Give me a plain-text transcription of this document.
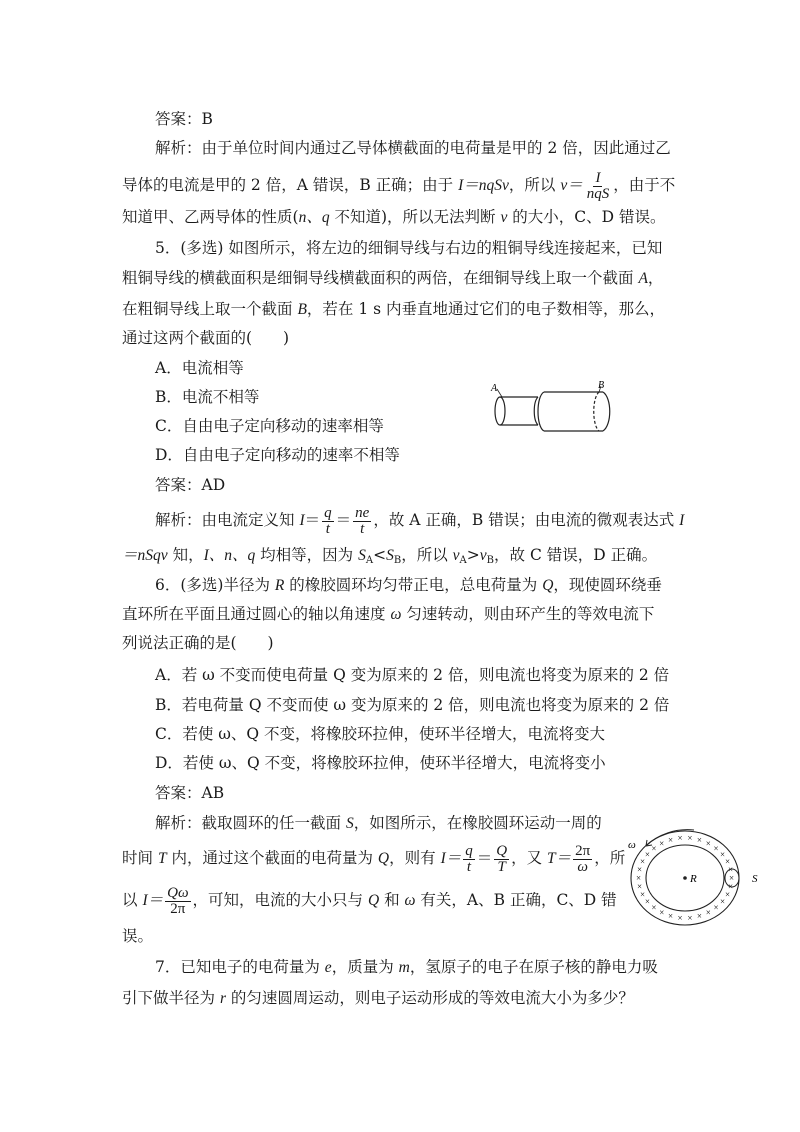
答案：B
解析：由于单位时间内通过乙导体横截面的电荷量是甲的 2 倍，因此通过乙
导体的电流是甲的 2 倍，A 错误，B 正确；由于 I＝nqSv，所以 $v= \frac{I}{\text{nqS}}$ ，由于不
知道甲、乙两导体的性质(n、q 不知道)，所以无法判断 v 的大小，C、D 错误。
5．(多选) 如图所示，将左边的细铜导线与右边的粗铜导线连接起来，已知
粗铜导线的横截面积是细铜导线横截面积的两倍，在细铜导线上取一个截面 A，
在粗铜导线上取一个截面 B，若在 1 s 内垂直地通过它们的电子数相等，那么，
通过这两个截面的(　　)
A．电流相等
B．电流不相等
C．自由电子定向移动的速率相等
D．自由电子定向移动的速率不相等
A	B
答案：AD
解析：由电流定义知 $I= \frac{q}{t} = \frac{ne}{t}$ ，故 A 正确，B 错误；由电流的微观表达式 I
＝nSqv 知，I、n、q 均相等，因为 $S_A<S_B$，所以 $v_A>v_B$，故 C 错误，D 正确。
6．(多选)半径为 R 的橡胶圆环均匀带正电，总电荷量为 Q，现使圆环绕垂
直环所在平面且通过圆心的轴以角速度 ω 匀速转动，则由环产生的等效电流下
列说法正确的是(　　)
A．若 ω 不变而使电荷量 Q 变为原来的 2 倍，则电流也将变为原来的 2 倍
B．若电荷量 Q 不变而使 ω 变为原来的 2 倍，则电流也将变为原来的 2 倍
C．若使 ω、Q 不变，将橡胶环拉伸，使环半径增大，电流将变大
D．若使 ω、Q 不变，将橡胶环拉伸，使环半径增大，电流将变小
答案：AB
解析：截取圆环的任一截面 S，如图所示，在橡胶圆环运动一周的
时间 T 内，通过这个截面的电荷量为 Q，则有 $I= \frac{q}{t} = \frac{Q}{T}$ ，又 $T= \frac{2\pi}{\omega}$ ，所
以 $I= \frac{Q\omega}{2\pi}$ ，可知，电流的大小只与 Q 和 ω 有关，A、B 正确，C、D 错
误。
ω
×
×
×
×
×
×
×
×
×
×
×
×
×
×
×
×
×
×
×
× × × × × × × ×
×
×
×
R	S
7．已知电子的电荷量为 e，质量为 m，氢原子的电子在原子核的静电力吸
引下做半径为 r 的匀速圆周运动，则电子运动形成的等效电流大小为多少？
